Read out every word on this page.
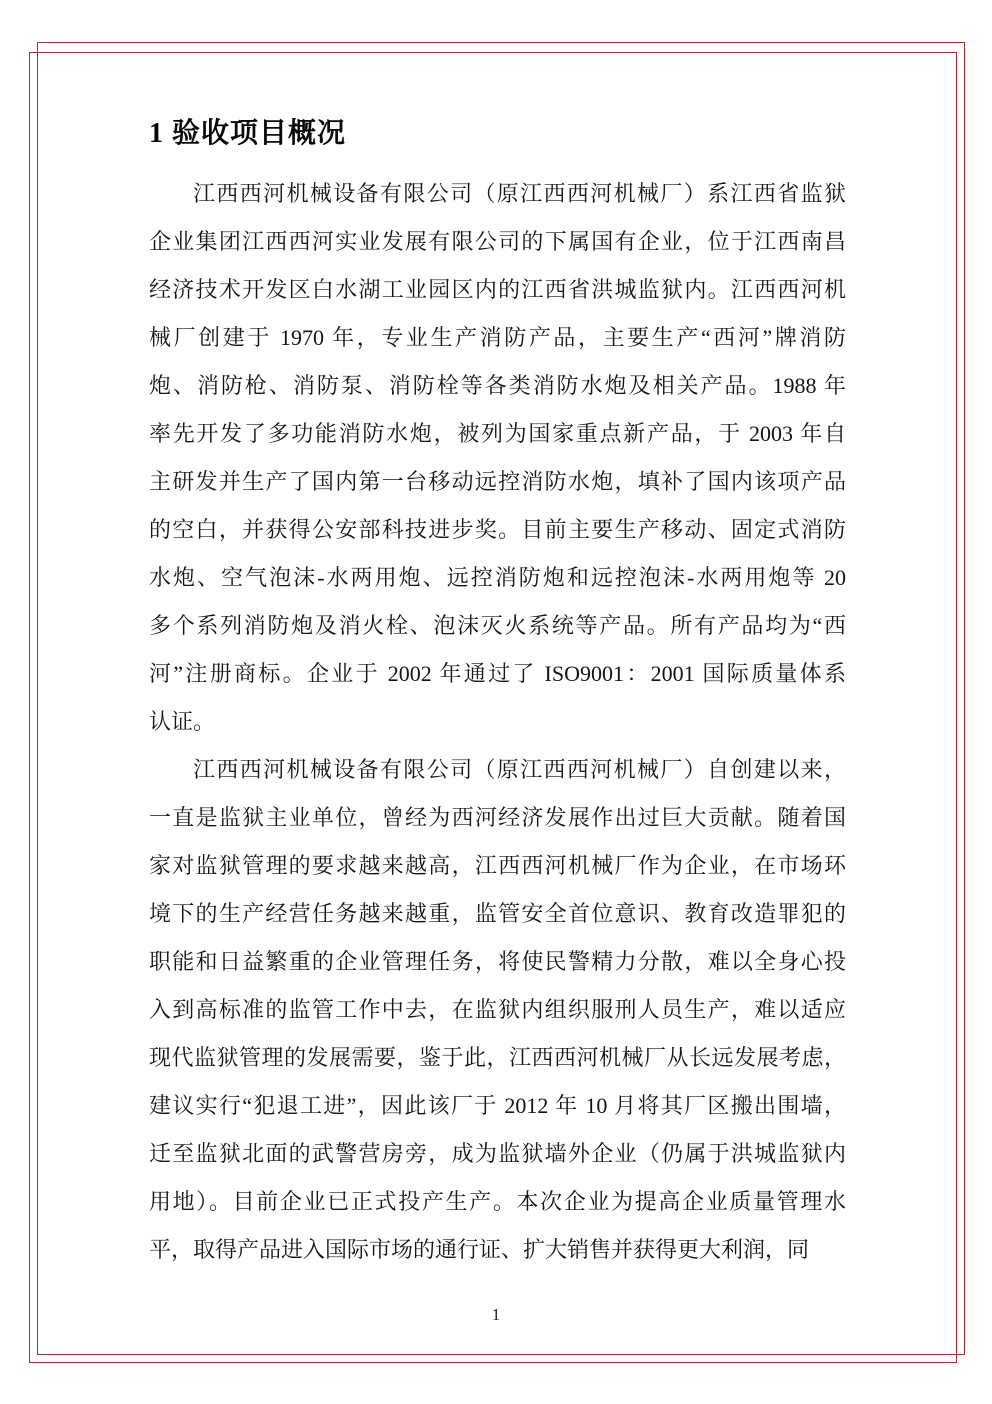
1 验收项目概况
江西西河机械设备有限公司（原江西西河机械厂）系江西省监狱
企业集团江西西河实业发展有限公司的下属国有企业，位于江西南昌
经济技术开发区白水湖工业园区内的江西省洪城监狱内。江西西河机
械厂创建于 1970 年，专业生产消防产品，主要生产“西河”牌消防
炮、消防枪、消防泵、消防栓等各类消防水炮及相关产品。1988 年
率先开发了多功能消防水炮，被列为国家重点新产品，于 2003 年自
主研发并生产了国内第一台移动远控消防水炮，填补了国内该项产品
的空白，并获得公安部科技进步奖。目前主要生产移动、固定式消防
水炮、空气泡沫-水两用炮、远控消防炮和远控泡沫-水两用炮等 20
多个系列消防炮及消火栓、泡沫灭火系统等产品。所有产品均为“西
河”注册商标。企业于 2002 年通过了 ISO9001：2001 国际质量体系
认证。
江西西河机械设备有限公司（原江西西河机械厂）自创建以来，
一直是监狱主业单位，曾经为西河经济发展作出过巨大贡献。随着国
家对监狱管理的要求越来越高，江西西河机械厂作为企业，在市场环
境下的生产经营任务越来越重，监管安全首位意识、教育改造罪犯的
职能和日益繁重的企业管理任务，将使民警精力分散，难以全身心投
入到高标准的监管工作中去，在监狱内组织服刑人员生产，难以适应
现代监狱管理的发展需要，鉴于此，江西西河机械厂从长远发展考虑，
建议实行“犯退工进”，因此该厂于 2012 年 10 月将其厂区搬出围墙，
迁至监狱北面的武警营房旁，成为监狱墙外企业（仍属于洪城监狱内
用地）。目前企业已正式投产生产。本次企业为提高企业质量管理水
平，取得产品进入国际市场的通行证、扩大销售并获得更大利润，同
1
